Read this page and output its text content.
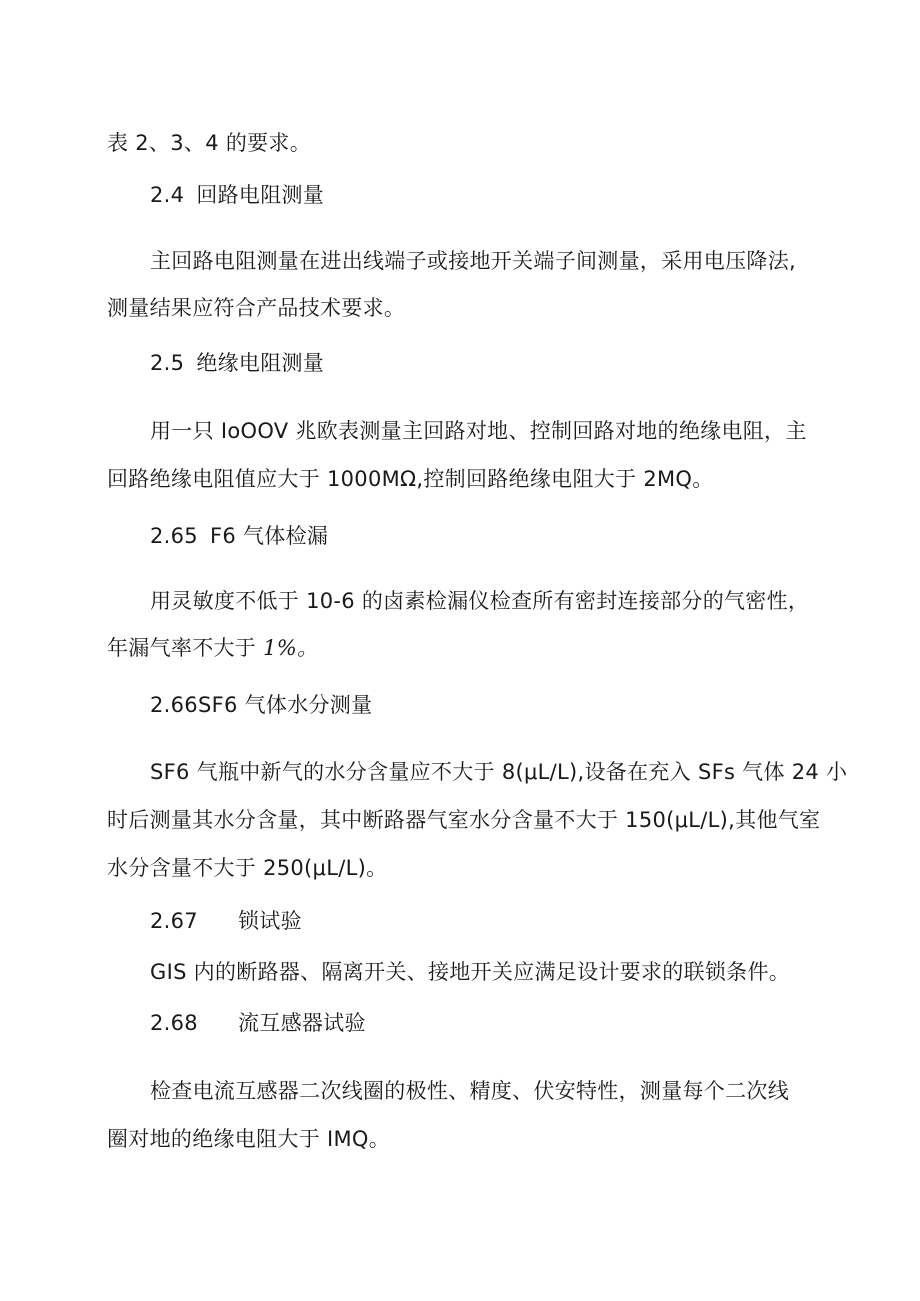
表 2、3、4 的要求。
2.4 回路电阻测量
主回路电阻测量在进出线端子或接地开关端子间测量，采用电压降法,
测量结果应符合产品技术要求。
2.5 绝缘电阻测量
用一只 IoOOV 兆欧表测量主回路对地、控制回路对地的绝缘电阻，主
回路绝缘电阻值应大于 1000MΩ,控制回路绝缘电阻大于 2MQ。
2.65 F6 气体检漏
用灵敏度不低于 10-6 的卤素检漏仪检查所有密封连接部分的气密性，
年漏气率不大于 1%。
2.66SF6 气体水分测量
SF6 气瓶中新气的水分含量应不大于 8(μL∕L),设备在充入 SFs 气体 24 小
时后测量其水分含量，其中断路器气室水分含量不大于 150(μL∕L),其他气室
水分含量不大于 250(μL∕L)。
2.67 锁试验
GIS 内的断路器、隔离开关、接地开关应满足设计要求的联锁条件。
2.68 流互感器试验
检查电流互感器二次线圈的极性、精度、伏安特性，测量每个二次线
圈对地的绝缘电阻大于 IMQ。
